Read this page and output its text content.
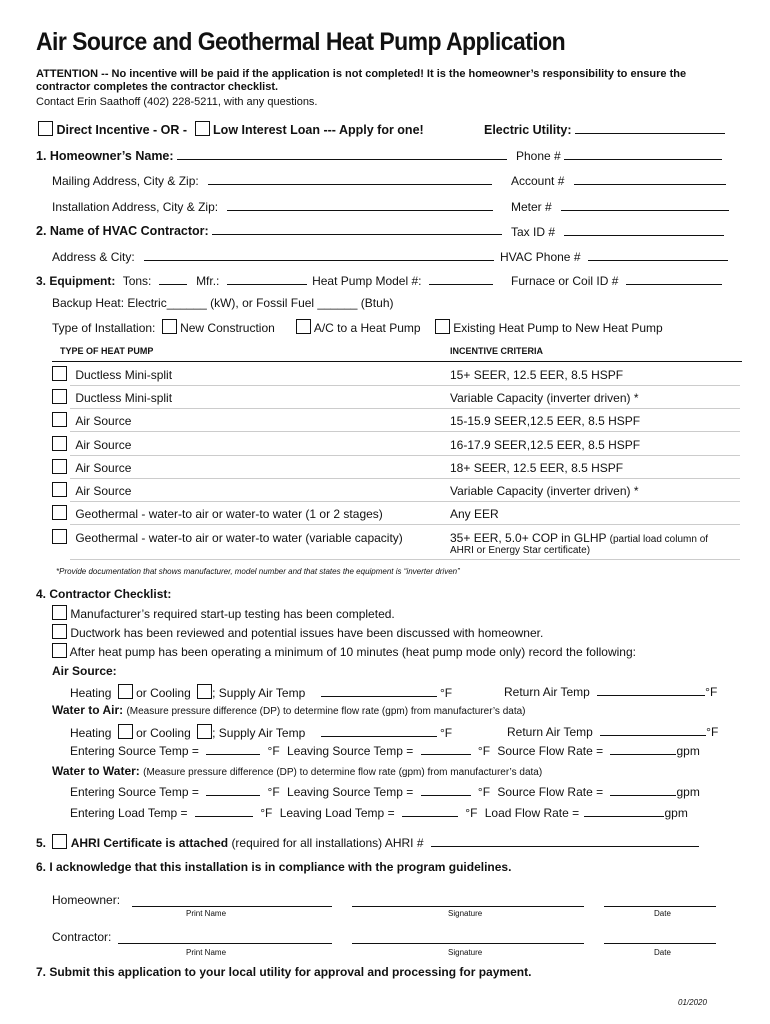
Air Source and Geothermal Heat Pump Application
ATTENTION -- No incentive will be paid if the application is not completed! It is the homeowner’s responsibility to ensure the contractor completes the contractor checklist.
Contact Erin Saathoff (402) 228-5211, with any questions.
Direct Incentive - OR - Low Interest Loan --- Apply for one!	Electric Utility:
1. Homeowner’s Name:	Phone #
Mailing Address, City & Zip:	Account #
Installation Address, City & Zip:	Meter #
2. Name of HVAC Contractor:	Tax ID #
Address & City:	HVAC Phone #
3. Equipment: Tons:	Mfr.:	Heat Pump Model #:	Furnace or Coil ID #
Backup Heat: Electric______ (kW), or Fossil Fuel ______ (Btuh)
Type of Installation: New Construction	A/C to a Heat Pump	Existing Heat Pump to New Heat Pump
TYPE OF HEAT PUMP	INCENTIVE CRITERIA
Ductless Mini-split	15+ SEER, 12.5 EER, 8.5 HSPF
Ductless Mini-split	Variable Capacity (inverter driven) *
Air Source	15-15.9 SEER,12.5 EER, 8.5 HSPF
Air Source	16-17.9 SEER,12.5 EER, 8.5 HSPF
Air Source	18+ SEER, 12.5 EER, 8.5 HSPF
Air Source	Variable Capacity (inverter driven) *
Geothermal - water-to air or water-to water (1 or 2 stages)	Any EER
Geothermal - water-to air or water-to water (variable capacity)	35+ EER, 5.0+ COP in GLHP (partial load column of
AHRI or Energy Star certificate)
*Provide documentation that shows manufacturer, model number and that states the equipment is “inverter driven”
4. Contractor Checklist:
Manufacturer’s required start-up testing has been completed.
Ductwork has been reviewed and potential issues have been discussed with homeowner.
After heat pump has been operating a minimum of 10 minutes (heat pump mode only) record the following:
Air Source:
Heating or Cooling ; Supply Air Temp	°F	Return Air Temp	°F
Water to Air: (Measure pressure difference (DP) to determine flow rate (gpm) from manufacturer’s data)
Heating or Cooling ; Supply Air Temp	°F	Return Air Temp	°F
Entering Source Temp =	°F Leaving Source Temp =	°F Source Flow Rate =	gpm
Water to Water: (Measure pressure difference (DP) to determine flow rate (gpm) from manufacturer’s data)
Entering Source Temp =	°F Leaving Source Temp =	°F Source Flow Rate =	gpm
Entering Load Temp =	°F Leaving Load Temp =	°F Load Flow Rate =	gpm
5. AHRI Certificate is attached (required for all installations) AHRI #
6. I acknowledge that this installation is in compliance with the program guidelines.
Homeowner:
Print Name	Signature	Date
Contractor:
Print Name	Signature	Date
7. Submit this application to your local utility for approval and processing for payment.
01/2020
